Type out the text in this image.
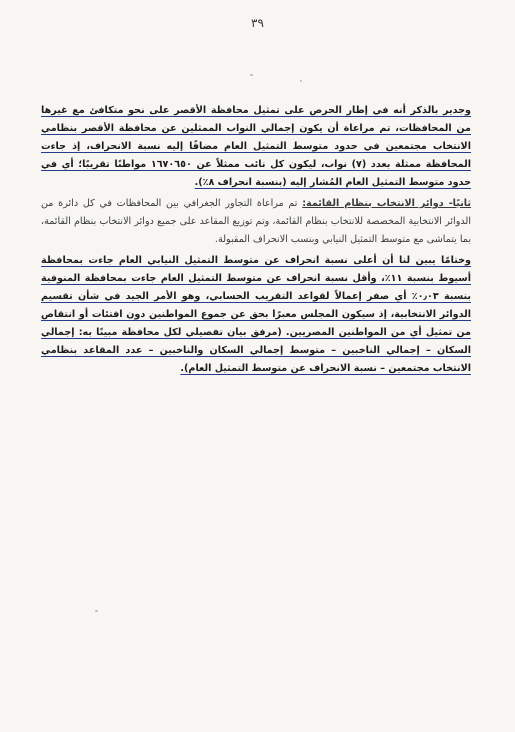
٣٩

وجدير بالذكر أنه في إطار الحرص على تمثيل محافظة الأقصر على نحو متكافئ مع غيرها من المحافظات، تم مراعاة أن يكون إجمالي النواب الممثلين عن محافظة الأقصر بنظامي الانتخاب مجتمعين في حدود متوسط التمثيل العام مضافًا إليه نسبة الانحراف، إذ جاءت المحافظة ممثلة بعدد (٧) نواب، ليكون كل نائب ممثلاً عن ١٦٧٠٦٥٠ مواطنًا تقريبًا؛ أي في حدود متوسط التمثيل العام المُشار إليه (بنسبة انحراف ٨٪).

ثانيًا- دوائر الانتخاب بنظام القائمة: تم مراعاة التجاور الجغرافي بين المحافظات في كل دائرة من الدوائر الانتخابية المخصصة للانتخاب بنظام القائمة، وتم توزيع المقاعد على جميع دوائر الانتخاب بنظام القائمة، بما يتماشى مع متوسط التمثيل النيابي وبنسب الانحراف المقبولة.

وختامًا يبين لنا أن أعلى نسبة انحراف عن متوسط التمثيل النيابي العام جاءت بمحافظة أسيوط بنسبة ١١٪، وأقل نسبة انحراف عن متوسط التمثيل العام جاءت بمحافظة المنوفية بنسبة ٠٫٠٣٪ أي صفر إعمالاً لقواعد التقريب الحسابي، وهو الأمر الجيد في شأن تقسيم الدوائر الانتخابية، إذ سيكون المجلس معبرًا بحق عن جموع المواطنين دون افتئات أو انتقاص من تمثيل أي من المواطنين المصريين. (مرفق بيان تفصيلي لكل محافظة مبينًا به: إجمالي السكان – إجمالي الناخبين – متوسط إجمالي السكان والناخبين – عدد المقاعد بنظامي الانتخاب مجتمعين – نسبة الانحراف عن متوسط التمثيل العام).
